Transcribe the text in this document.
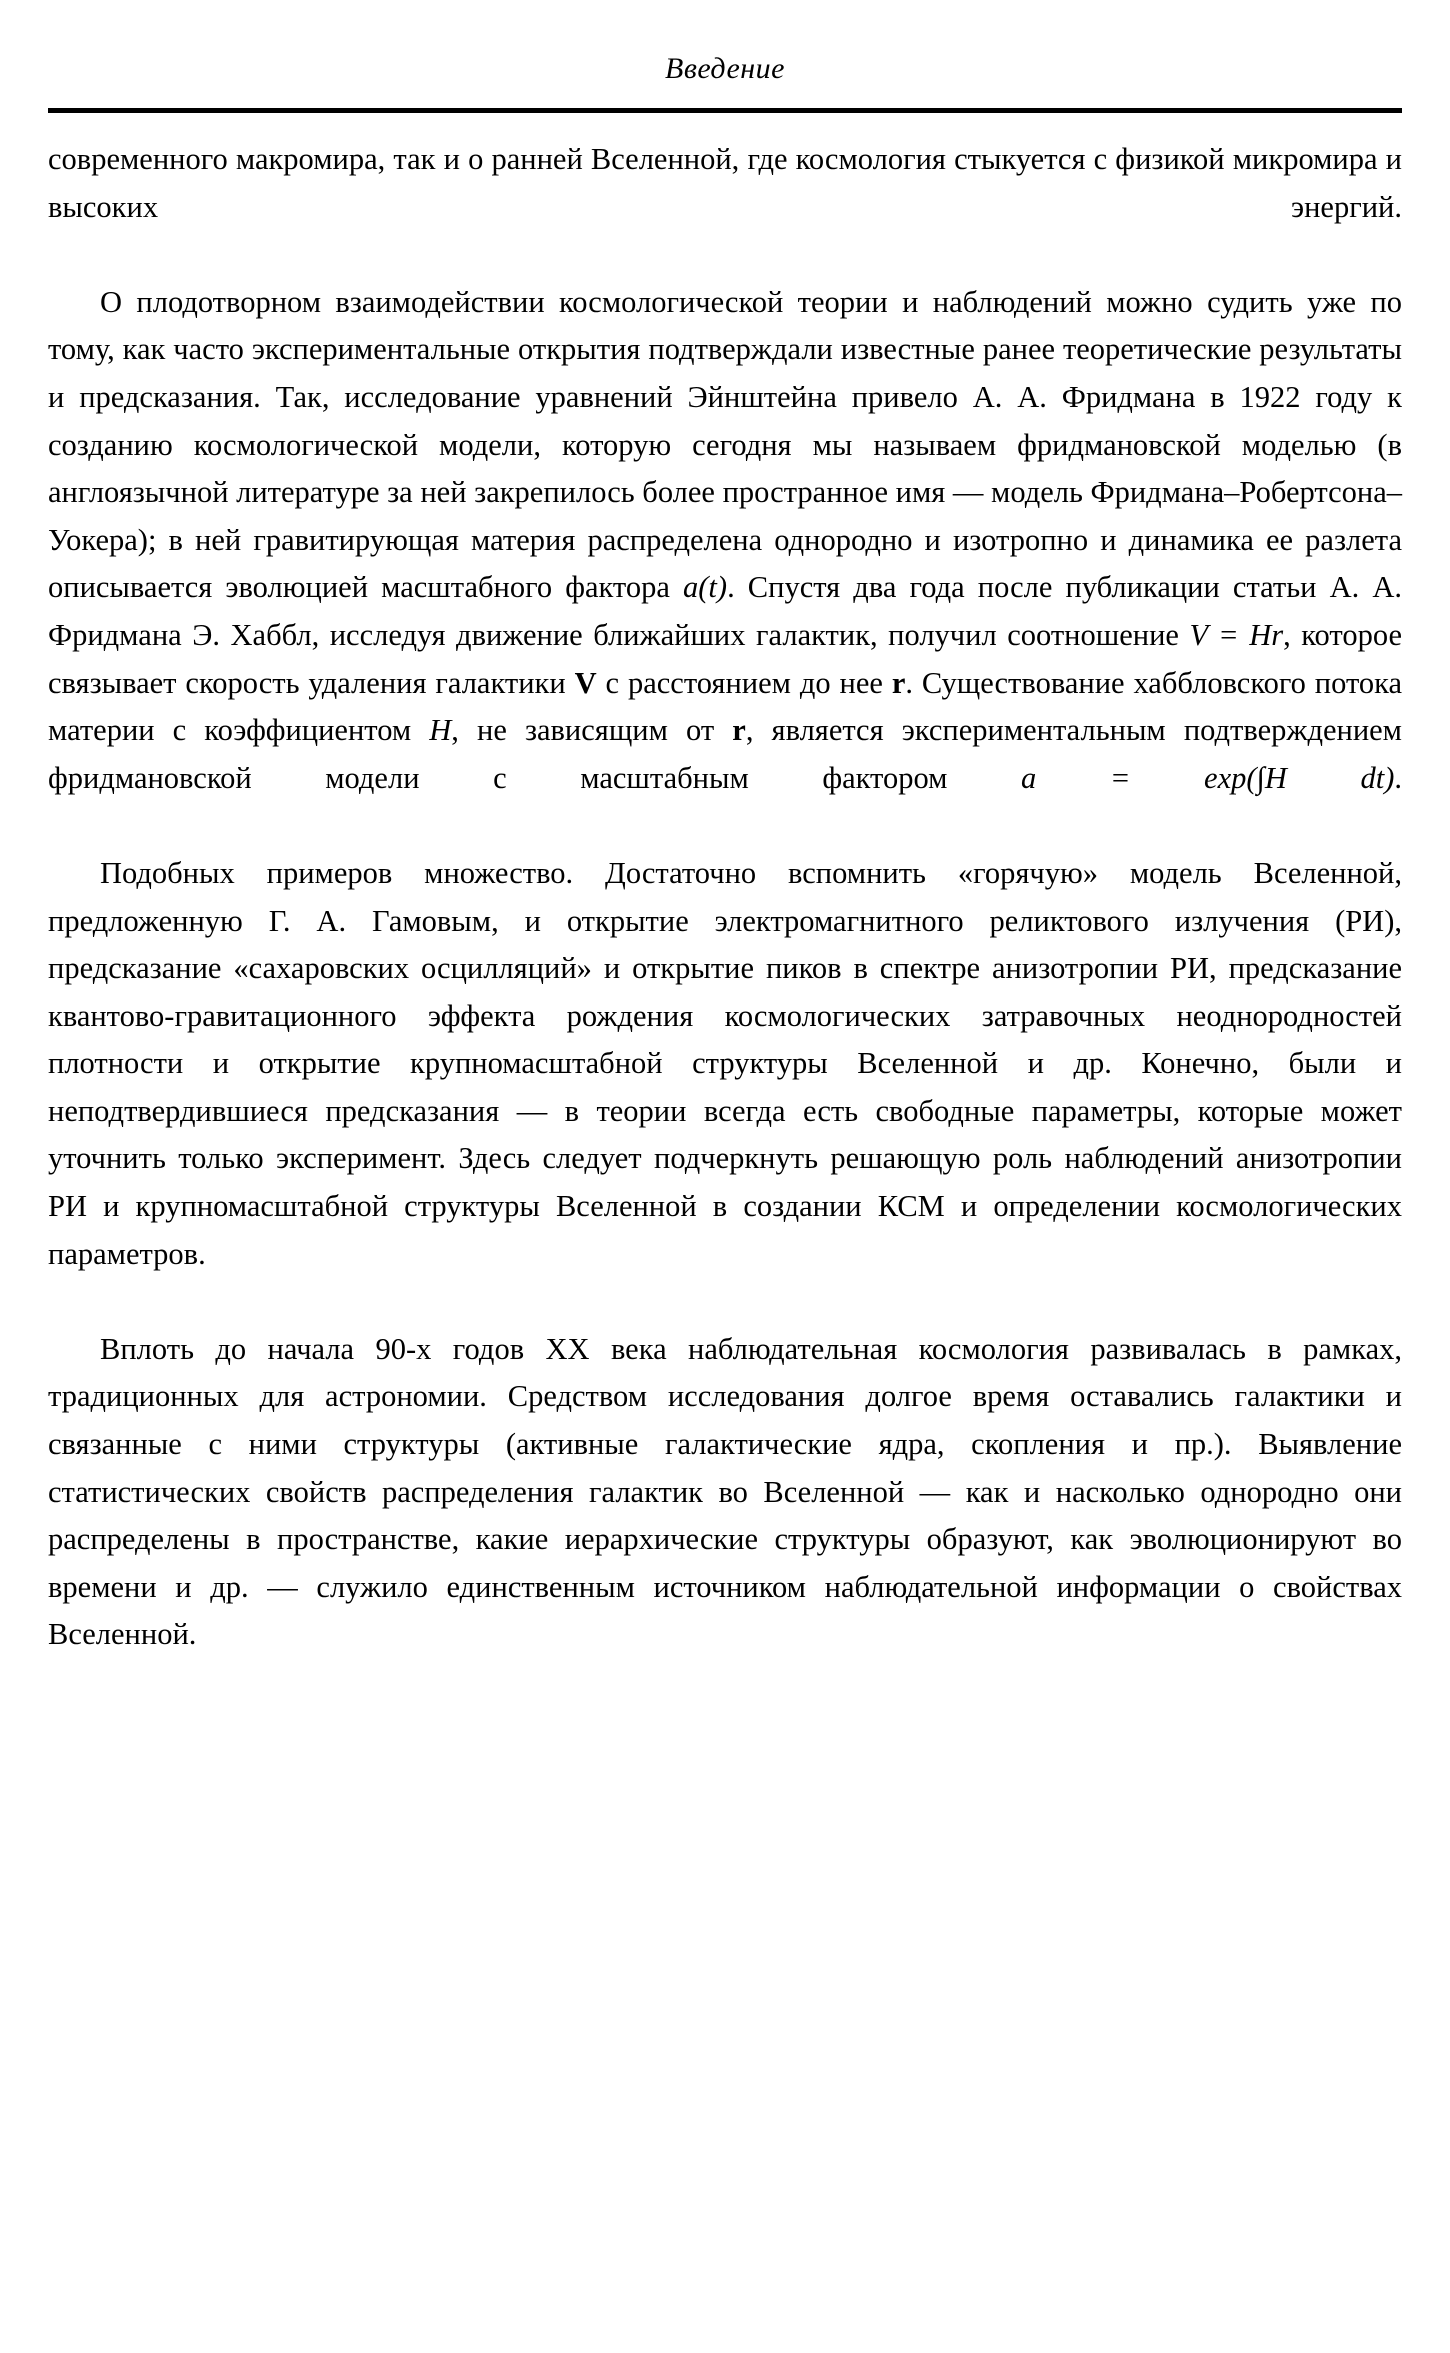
Введение

современного макромира, так и о ранней Вселенной, где космология стыкуется с физикой микромира и высоких энергий.

О плодотворном взаимодействии космологической теории и наблюдений можно судить уже по тому, как часто экспериментальные открытия подтверждали известные ранее теоретические результаты и предсказания. Так, исследование уравнений Эйнштейна привело А. А. Фридмана в 1922 году к созданию космологической модели, которую сегодня мы называем фридмановской моделью (в англоязычной литературе за ней закрепилось более пространное имя — модель Фридмана–Робертсона–Уокера); в ней гравитирующая материя распределена однородно и изотропно и динамика ее разлета описывается эволюцией масштабного фактора a(t). Спустя два года после публикации статьи А. А. Фридмана Э. Хаббл, исследуя движение ближайших галактик, получил соотношение V = Hr, которое связывает скорость удаления галактики V с расстоянием до нее r. Существование хаббловского потока материи с коэффициентом H, не зависящим от r, является экспериментальным подтверждением фридмановской модели с масштабным фактором a = exp(∫H dt).

Подобных примеров множество. Достаточно вспомнить «горячую» модель Вселенной, предложенную Г. А. Гамовым, и открытие электромагнитного реликтового излучения (РИ), предсказание «сахаровских осцилляций» и открытие пиков в спектре анизотропии РИ, предсказание квантово-гравитационного эффекта рождения космологических затравочных неоднородностей плотности и открытие крупномасштабной структуры Вселенной и др. Конечно, были и неподтвердившиеся предсказания — в теории всегда есть свободные параметры, которые может уточнить только эксперимент. Здесь следует подчеркнуть решающую роль наблюдений анизотропии РИ и крупномасштабной структуры Вселенной в создании КСМ и определении космологических параметров.

Вплоть до начала 90-х годов XX века наблюдательная космология развивалась в рамках, традиционных для астрономии. Средством исследования долгое время оставались галактики и связанные с ними структуры (активные галактические ядра, скопления и пр.). Выявление статистических свойств распределения галактик во Вселенной — как и насколько однородно они распределены в пространстве, какие иерархические структуры образуют, как эволюционируют во времени и др. — служило единственным источником наблюдательной информации о свойствах Вселенной.
